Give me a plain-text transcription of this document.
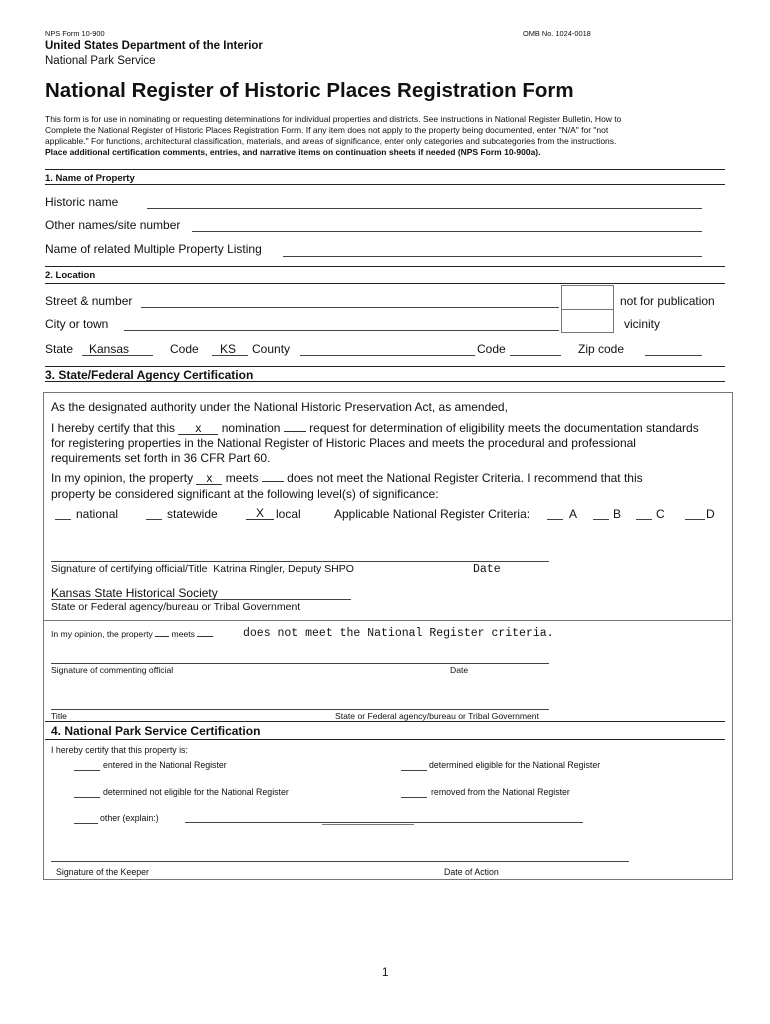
NPS Form 10-900	OMB No. 1024-0018
United States Department of the Interior
National Park Service
National Register of Historic Places Registration Form
This form is for use in nominating or requesting determinations for individual properties and districts. See instructions in National Register Bulletin, How to
Complete the National Register of Historic Places Registration Form. If any item does not apply to the property being documented, enter "N/A" for "not
applicable." For functions, architectural classification, materials, and areas of significance, enter only categories and subcategories from the instructions.
Place additional certification comments, entries, and narrative items on continuation sheets if needed (NPS Form 10-900a).
1. Name of Property
Historic name
Other names/site number
Name of related Multiple Property Listing
2. Location
Street & number	not for publication
City or town	vicinity
State Kansas	Code KS County	Code	Zip code
3. State/Federal Agency Certification
As the designated authority under the National Historic Preservation Act, as amended,
I hereby certify that this x nomination request for determination of eligibility meets the documentation standards
for registering properties in the National Register of Historic Places and meets the procedural and professional
requirements set forth in 36 CFR Part 60.
In my opinion, the property x meets does not meet the National Register Criteria. I recommend that this
property be considered significant at the following level(s) of significance:
national	statewide	X	local	Applicable National Register Criteria:	A	B	C	D
Signature of certifying official/Title Katrina Ringler, Deputy SHPO	Date
Kansas State Historical Society
State or Federal agency/bureau or Tribal Government
In my opinion, the property meets	does not meet the National Register criteria.
Signature of commenting official	Date
Title	State or Federal agency/bureau or Tribal Government
4. National Park Service Certification
I hereby certify that this property is:
entered in the National Register	determined eligible for the National Register
determined not eligible for the National Register	removed from the National Register
other (explain:)
Signature of the Keeper	Date of Action
1
